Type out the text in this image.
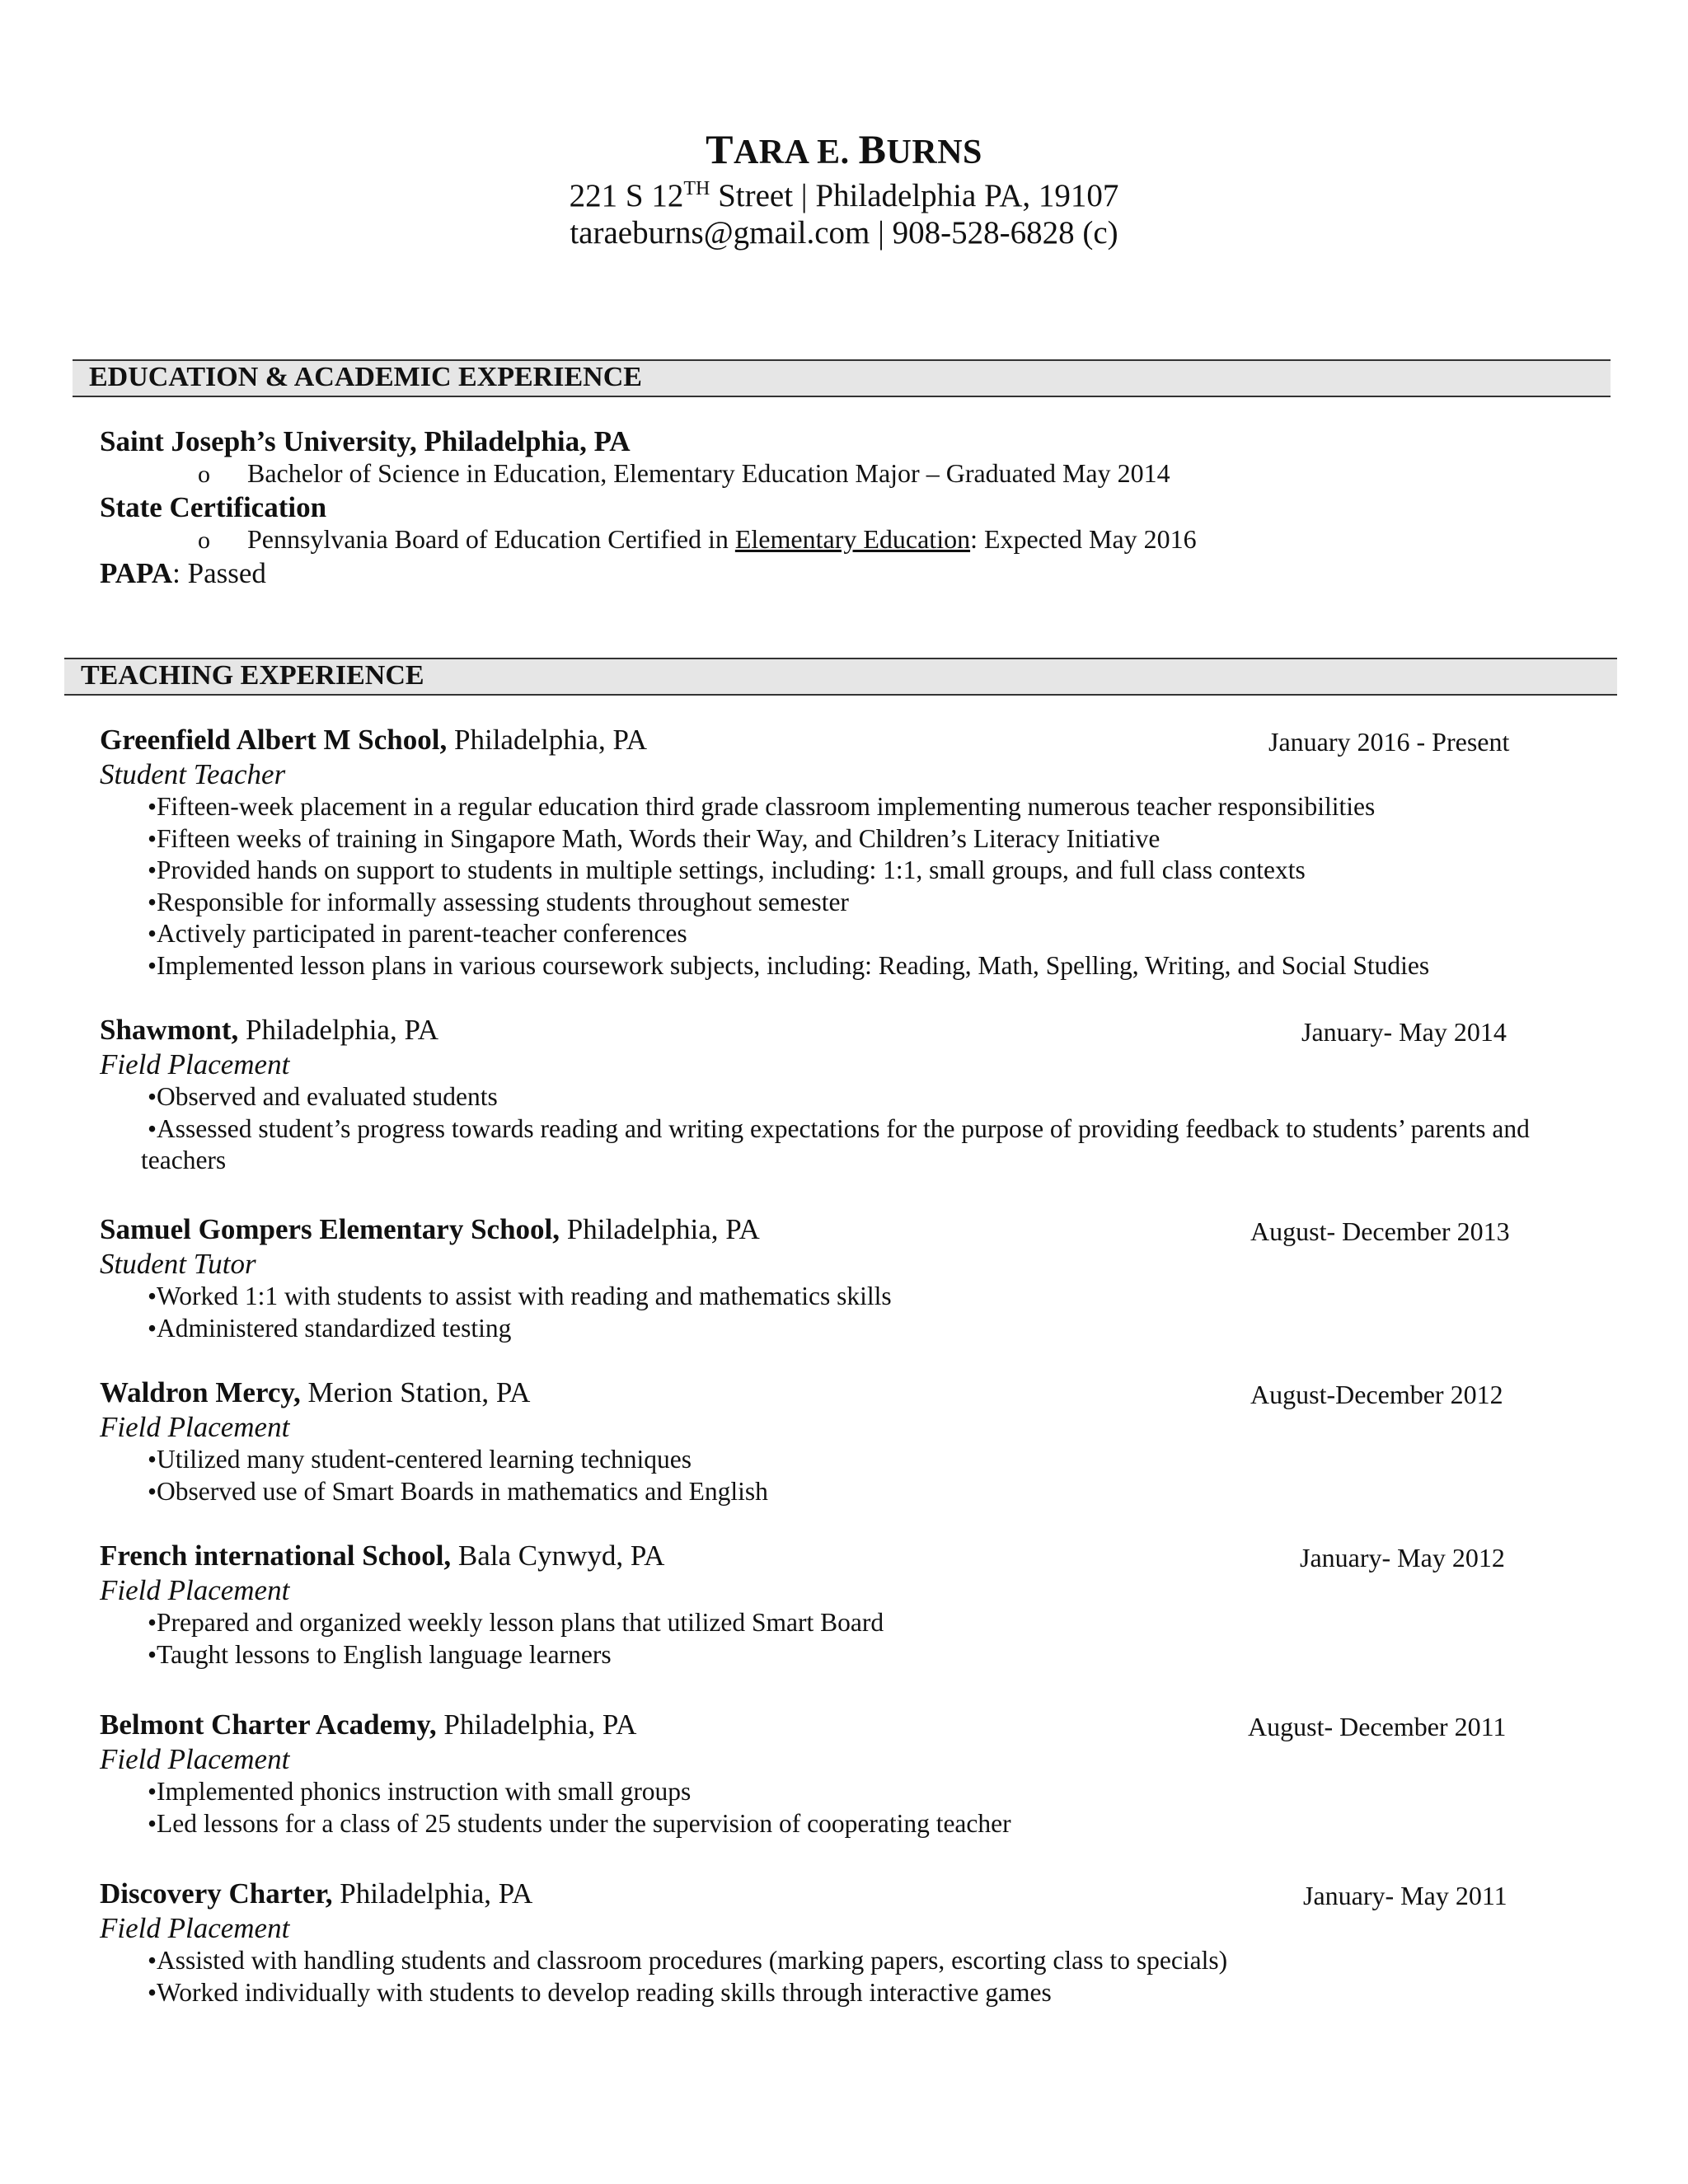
TARA E. BURNS
221 S 12TH Street | Philadelphia PA, 19107
taraeburns@gmail.com | 908-528-6828 (c)
EDUCATION & ACADEMIC EXPERIENCE
Saint Joseph’s University, Philadelphia, PA
o Bachelor of Science in Education, Elementary Education Major – Graduated May 2014
State Certification
o Pennsylvania Board of Education Certified in Elementary Education: Expected May 2016
PAPA: Passed
TEACHING EXPERIENCE
Greenfield Albert M School, Philadelphia, PA	January 2016 - Present
Student Teacher
• Fifteen-week placement in a regular education third grade classroom implementing numerous teacher responsibilities
• Fifteen weeks of training in Singapore Math, Words their Way, and Children’s Literacy Initiative
• Provided hands on support to students in multiple settings, including: 1:1, small groups, and full class contexts
• Responsible for informally assessing students throughout semester
• Actively participated in parent-teacher conferences
• Implemented lesson plans in various coursework subjects, including: Reading, Math, Spelling, Writing, and Social Studies
Shawmont, Philadelphia, PA	January- May 2014
Field Placement
• Observed and evaluated students
• Assessed student’s progress towards reading and writing expectations for the purpose of providing feedback to students’ parents and
teachers
Samuel Gompers Elementary School, Philadelphia, PA	August- December 2013
Student Tutor
• Worked 1:1 with students to assist with reading and mathematics skills
• Administered standardized testing
Waldron Mercy, Merion Station, PA	August-December 2012
Field Placement
• Utilized many student-centered learning techniques
• Observed use of Smart Boards in mathematics and English
French international School, Bala Cynwyd, PA	January- May 2012
Field Placement
• Prepared and organized weekly lesson plans that utilized Smart Board
• Taught lessons to English language learners
Belmont Charter Academy, Philadelphia, PA	August- December 2011
Field Placement
• Implemented phonics instruction with small groups
• Led lessons for a class of 25 students under the supervision of cooperating teacher
Discovery Charter, Philadelphia, PA	January- May 2011
Field Placement
• Assisted with handling students and classroom procedures (marking papers, escorting class to specials)
• Worked individually with students to develop reading skills through interactive games
